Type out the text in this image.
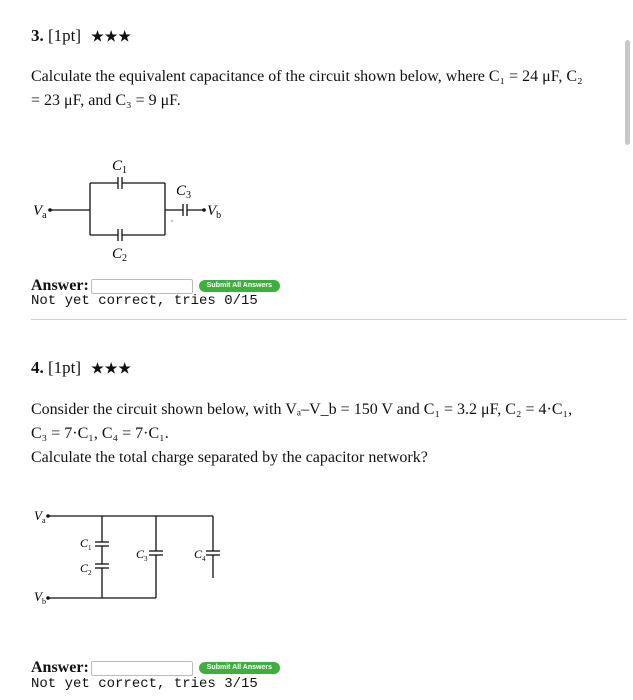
3. [1pt] ★★★
Calculate the equivalent capacitance of the circuit shown below, where C₁ = 24 μF, C₂
= 23 μF, and C₃ = 9 μF.
$V_a$
$C_1$
$C_2$
$C_3$
$V_b$
Answer:	Submit All Answers
Not yet correct, tries 0/15
4. [1pt] ★★★
Consider the circuit shown below, with Vₐ–V_b = 150 V and C₁ = 3.2 μF, C₂ = 4·C₁,
C₃ = 7·C₁, C₄ = 7·C₁.
Calculate the total charge separated by the capacitor network?
$V_a$
$V_b$
$C_1$
$C_2$
$C_3$	$C_4$
Answer:	Submit All Answers
Not yet correct, tries 3/15
